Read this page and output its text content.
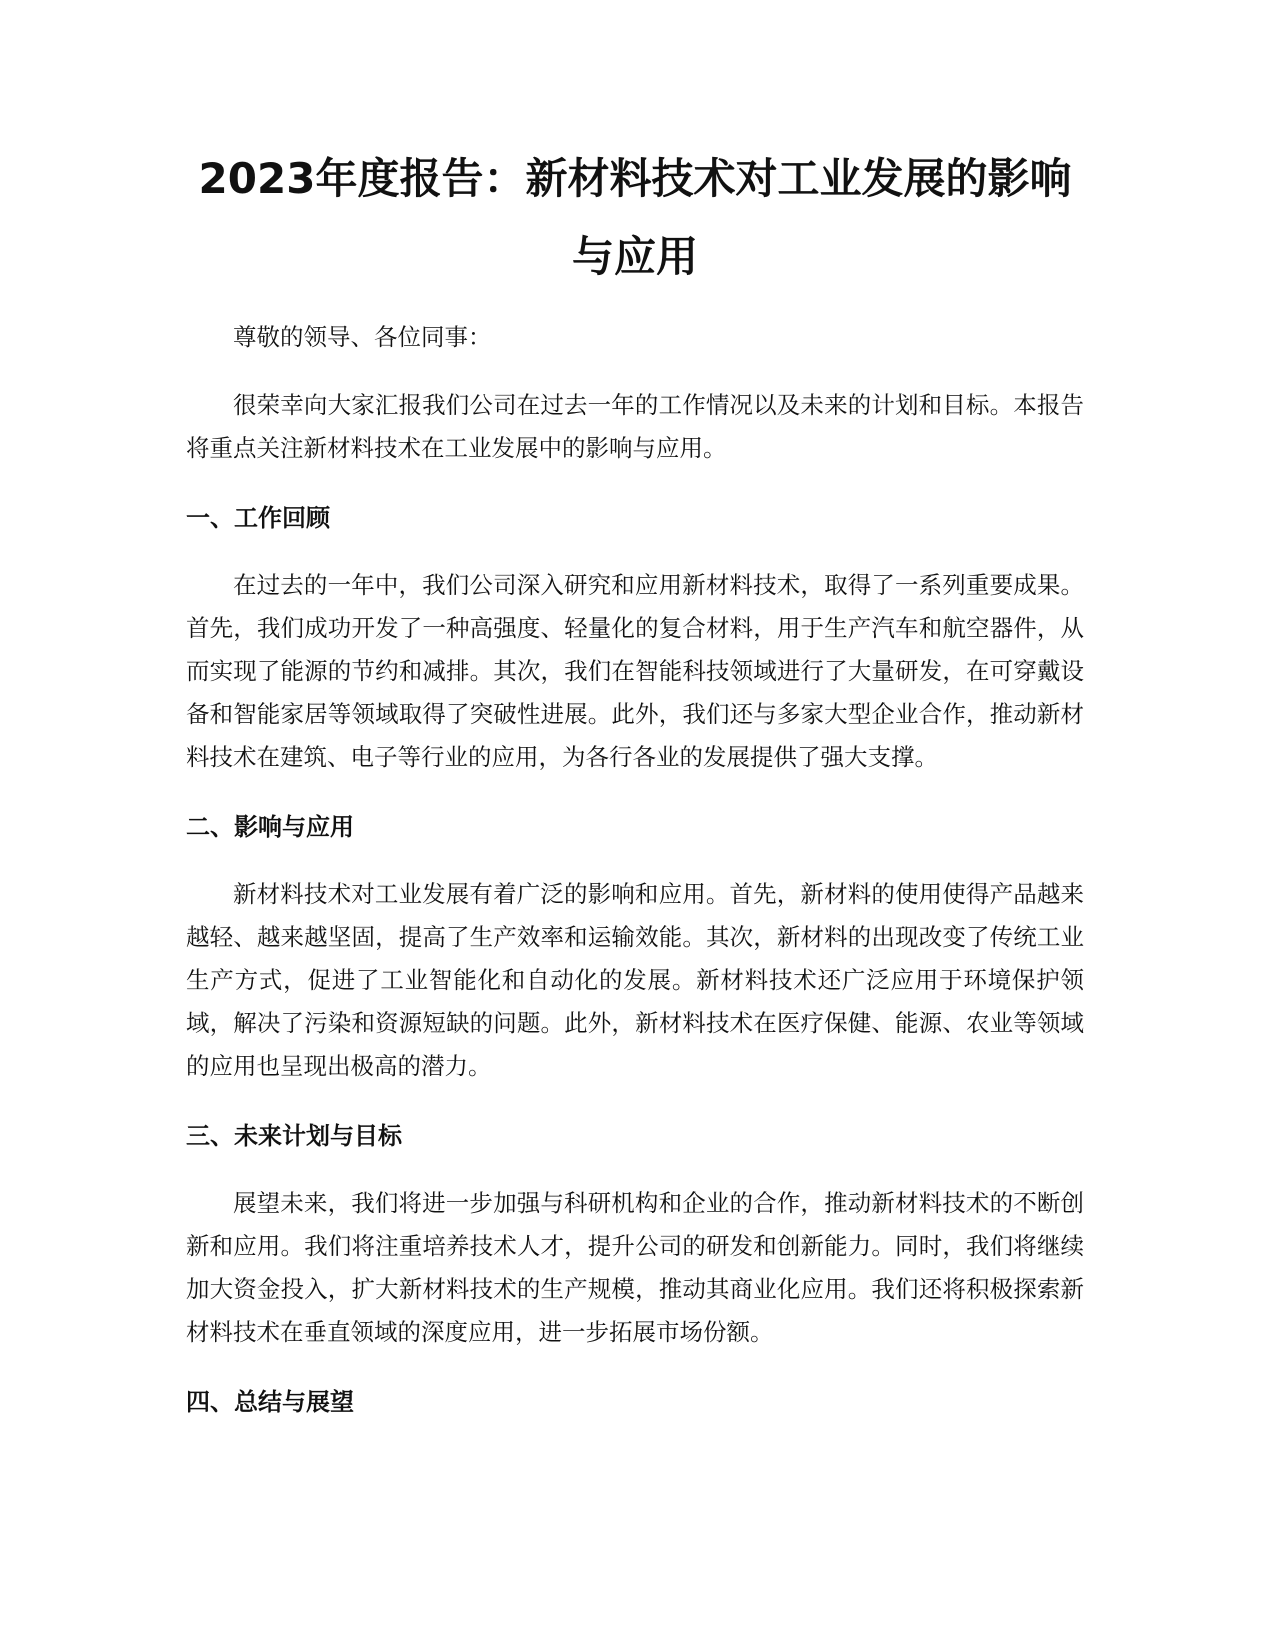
2023年度报告：新材料技术对工业发展的影响与应用

尊敬的领导、各位同事：

很荣幸向大家汇报我们公司在过去一年的工作情况以及未来的计划和目标。本报告将重点关注新材料技术在工业发展中的影响与应用。

一、工作回顾

在过去的一年中，我们公司深入研究和应用新材料技术，取得了一系列重要成果。首先，我们成功开发了一种高强度、轻量化的复合材料，用于生产汽车和航空器件，从而实现了能源的节约和减排。其次，我们在智能科技领域进行了大量研发，在可穿戴设备和智能家居等领域取得了突破性进展。此外，我们还与多家大型企业合作，推动新材料技术在建筑、电子等行业的应用，为各行各业的发展提供了强大支撑。

二、影响与应用

新材料技术对工业发展有着广泛的影响和应用。首先，新材料的使用使得产品越来越轻、越来越坚固，提高了生产效率和运输效能。其次，新材料的出现改变了传统工业生产方式，促进了工业智能化和自动化的发展。新材料技术还广泛应用于环境保护领域，解决了污染和资源短缺的问题。此外，新材料技术在医疗保健、能源、农业等领域的应用也呈现出极高的潜力。

三、未来计划与目标

展望未来，我们将进一步加强与科研机构和企业的合作，推动新材料技术的不断创新和应用。我们将注重培养技术人才，提升公司的研发和创新能力。同时，我们将继续加大资金投入，扩大新材料技术的生产规模，推动其商业化应用。我们还将积极探索新材料技术在垂直领域的深度应用，进一步拓展市场份额。

四、总结与展望
